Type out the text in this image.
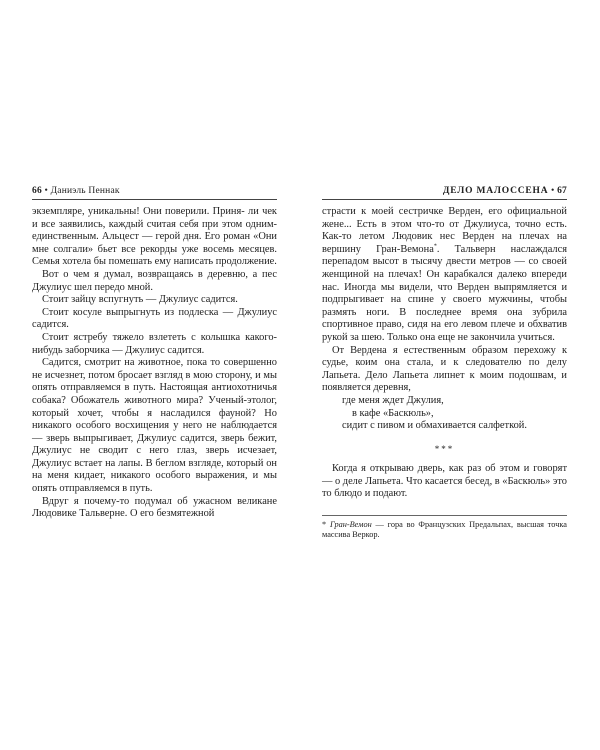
66 • Даниэль Пеннак

экземпляре, уникальны! Они поверили. Приня- ли чек и все заявились, каждый считая себя при этом одним-единственным. Альцест — герой дня. Его роман «Они мне солгали» бьет все рекорды уже восемь месяцев. Семья хотела бы помешать ему написать продолжение.

Вот о чем я думал, возвращаясь в деревню, а пес Джулиус шел передо мной.

Стоит зайцу вспугнуть — Джулиус садится.

Стоит косуле выпрыгнуть из подлеска — Джулиус садится.

Стоит ястребу тяжело взлететь с колышка какого-нибудь заборчика — Джулиус садится.

Садится, смотрит на животное, пока то совершенно не исчезнет, потом бросает взгляд в мою сторону, и мы опять отправляемся в путь. Настоящая антиохотничья собака? Обожатель животного мира? Ученый-этолог, который хочет, чтобы я насладился фауной? Но никакого особого восхищения у него не наблюдается — зверь выпрыгивает, Джулиус садится, зверь бежит, Джулиус не сводит с него глаз, зверь исчезает, Джулиус встает на лапы. В беглом взгляде, который он на меня кидает, никакого особого выражения, и мы опять отправляемся в путь.

Вдруг я почему-то подумал об ужасном великане Людовике Тальверне. О его безмятежной

ДЕЛО МАЛОССЕНА • 67

страсти к моей сестричке Верден, его официальной жене... Есть в этом что-то от Джулиуса, точно есть. Как-то летом Людовик нес Верден на плечах на вершину Гран-Вемона*. Тальверн наслаждался перепадом высот в тысячу двести метров — со своей женщиной на плечах! Он карабкался далеко впереди нас. Иногда мы видели, что Верден выпрямляется и подпрыгивает на спине у своего мужчины, чтобы размять ноги. В последнее время она зубрила спортивное право, сидя на его левом плече и обхватив рукой за шею. Только она еще не закончила учиться.

От Вердена я естественным образом перехожу к судье, коим она стала, и к следователю по делу Лапьета. Дело Лапьета липнет к моим подошвам, и появляется деревня,

где меня ждет Джулия,

в кафе «Баскюль»,

сидит с пивом и обмахивается салфеткой.

***

Когда я открываю дверь, как раз об этом и говорят — о деле Лапьета. Что касается бесед, в «Баскюль» это то блюдо и подают.

* Гран-Вемон — гора во Французских Предальпах, высшая точка массива Веркор.
